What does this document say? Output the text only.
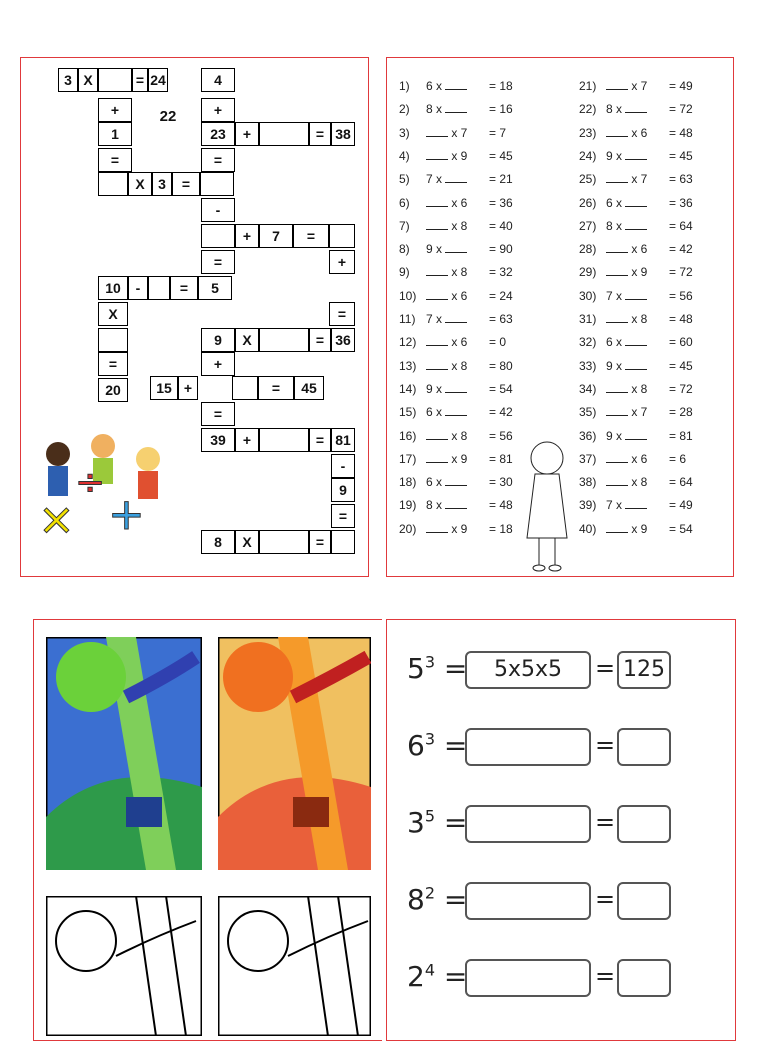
3 X	= 24	4
+	22	+
1	23	+	= 38
=	=
X 3	=
-
+	7	=
=	+
10	-	=	5
X	=
9	X	= 36
=	+
20	15 +	=	45
=
39	+	= 81
-
9
=
8	X	=
× +
÷
1) 6 x	= 18
2) 8 x	= 16
3)	x 7 = 7
4)	x 9 = 45
5) 7 x	= 21
6)	x 6 = 36
7)	x 8 = 40
8) 9 x	= 90
9)	x 8 = 32
10)	x 6 = 24
11) 7 x	= 63
12)	x 6 = 0
13)	x 8 = 80
14) 9 x	= 54
15) 6 x	= 42
16)	x 8 = 56
17)	x 9 = 81
18) 6 x	= 30
19) 8 x	= 48
20)	x 9 = 18
21)	x 7 = 49
22) 8 x	= 72
23)	x 6 = 48
24) 9 x	= 45
25)	x 7 = 63
26) 6 x	= 36
27) 8 x	= 64
28)	x 6 = 42
29)	x 9 = 72
30) 7 x	= 56
31)	x 8 = 48
32) 6 x	= 60
33) 9 x	= 45
34)	x 8 = 72
35)	x 7 = 28
36) 9 x	= 81
37)	x 6 = 6
38)	x 8 = 64
39) 7 x	= 49
40)	x 9 = 54
$5^3$ =	5x5x5	= 125
$6^3$ =	=
$3^5$ =	=
$8^2$ =	=
$2^4$ =	=
